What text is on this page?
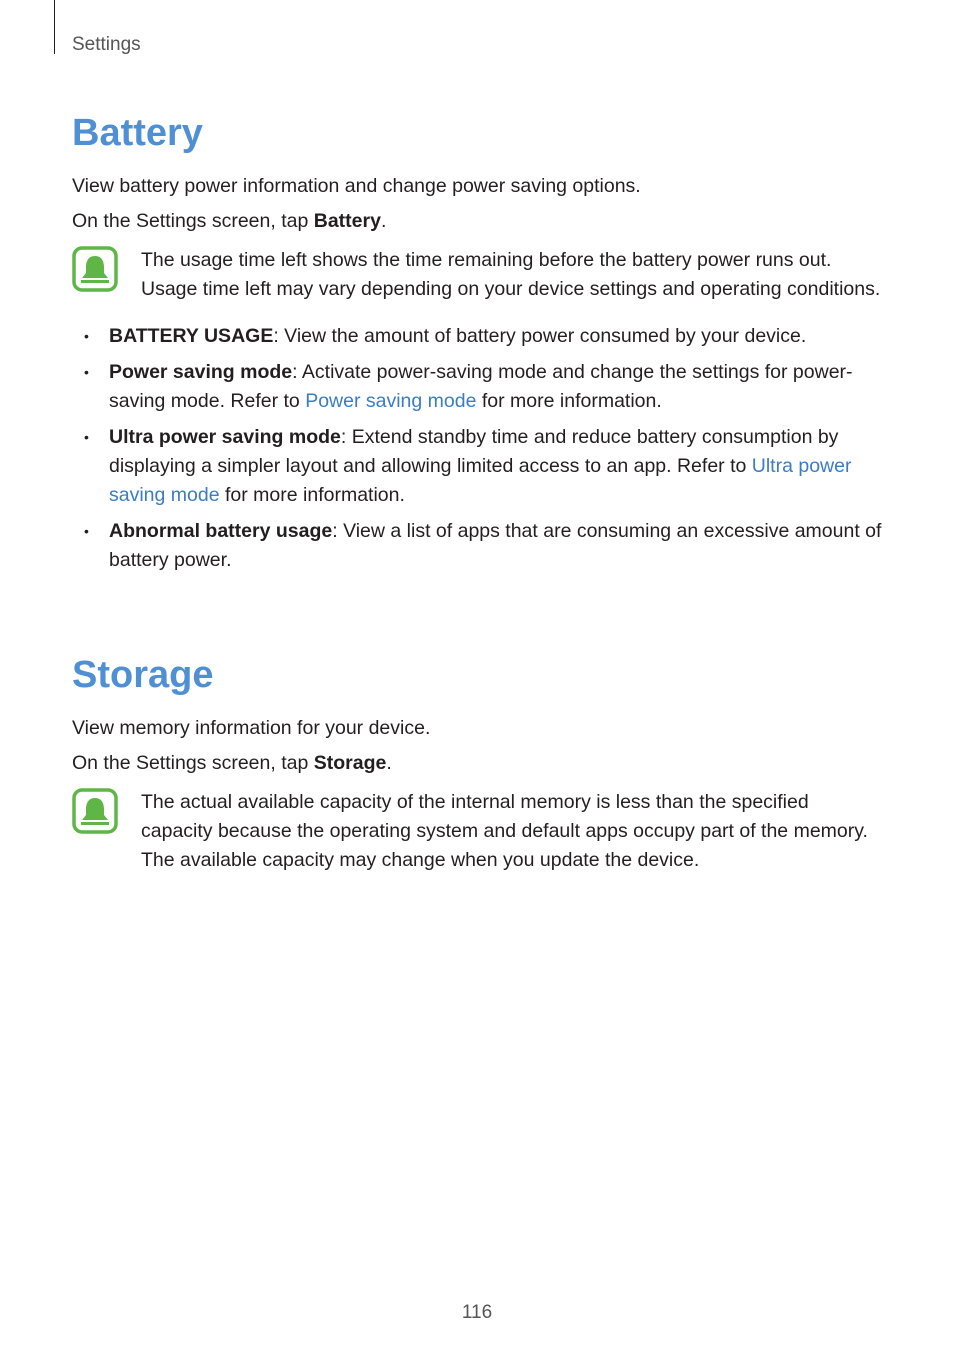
Settings
Battery

View battery power information and change power saving options.

On the Settings screen, tap Battery.

The usage time left shows the time remaining before the battery power runs out. Usage time left may vary depending on your device settings and operating conditions.
• BATTERY USAGE: View the amount of battery power consumed by your device.
• Power saving mode: Activate power-saving mode and change the settings for power-saving mode. Refer to Power saving mode for more information.
• Ultra power saving mode: Extend standby time and reduce battery consumption by displaying a simpler layout and allowing limited access to an app. Refer to Ultra power saving mode for more information.
• Abnormal battery usage: View a list of apps that are consuming an excessive amount of battery power.
Storage

View memory information for your device.

On the Settings screen, tap Storage.

The actual available capacity of the internal memory is less than the specified capacity because the operating system and default apps occupy part of the memory. The available capacity may change when you update the device.
116
